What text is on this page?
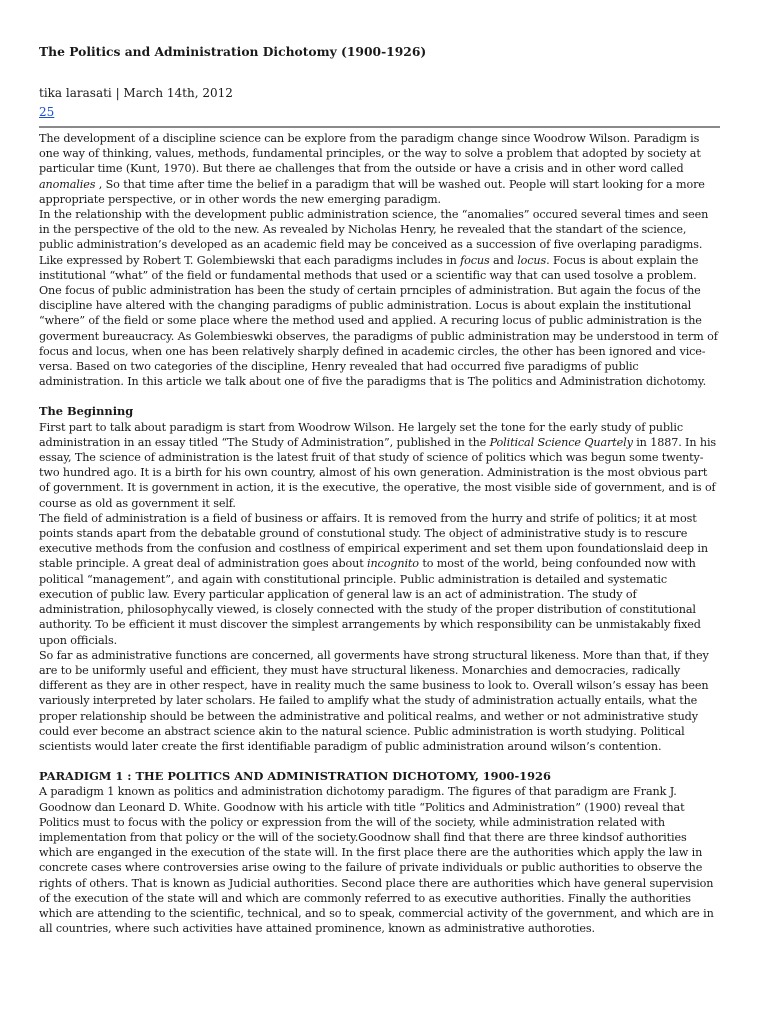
The Politics and Administration Dichotomy (1900-1926)

tika larasati | March 14th, 2012

25

The development of a discipline science can be explore from the paradigm change since Woodrow Wilson. Paradigm is one way of thinking, values, methods, fundamental principles, or the way to solve a problem that adopted by society at particular time (Kunt, 1970). But there ae challenges that from the outside or have a crisis and in other word called anomalies , So that time after time the belief in a paradigm that will be washed out. People will start looking for a more appropriate perspective, or in other words the new emerging paradigm.

In the relationship with the development public administration science, the “anomalies” occured several times and seen in the perspective of the old to the new. As revealed by Nicholas Henry, he revealed that the standart of the science, public administration’s developed as an academic field may be conceived as a succession of five overlaping paradigms. Like expressed by Robert T. Golembiewski that each paradigms includes in focus and locus. Focus is about explain the institutional “what” of the field or fundamental methods that used or a scientific way that can used tosolve a problem. One focus of public administration has been the study of certain prnciples of administration. But again the focus of the discipline have altered with the changing paradigms of public administration. Locus is about explain the institutional “where” of the field or some place where the method used and applied. A recuring locus of public administration is the goverment bureaucracy. As Golembieswki observes, the paradigms of public administration may be understood in term of focus and locus, when one has been relatively sharply defined in academic circles, the other has been ignored and vice-versa. Based on two categories of the discipline, Henry revealed that had occurred five paradigms of public administration. In this article we talk about one of five the paradigms that is The politics and Administration dichotomy.

The Beginning

First part to talk about paradigm is start from Woodrow Wilson. He largely set the tone for the early study of public administration in an essay titled “The Study of Administration”, published in the Political Science Quartely in 1887. In his essay, The science of administration is the latest fruit of that study of science of politics which was begun some twenty-two hundred ago. It is a birth for his own country, almost of his own generation. Administration is the most obvious part of government. It is government in action, it is the executive, the operative, the most visible side of government, and is of course as old as government it self.

The field of administration is a field of business or affairs. It is removed from the hurry and strife of politics; it at most points stands apart from the debatable ground of constutional study. The object of administrative study is to rescure executive methods from the confusion and costlness of empirical experiment and set them upon foundationslaid deep in stable principle. A great deal of administration goes about incognito to most of the world, being confounded now with political “management”, and again with constitutional principle. Public administration is detailed and systematic execution of public law. Every particular application of general law is an act of administration. The study of administration, philosophycally viewed, is closely connected with the study of the proper distribution of constitutional authority. To be efficient it must discover the simplest arrangements by which responsibility can be unmistakably fixed upon officials.

So far as administrative functions are concerned, all goverments have strong structural likeness. More than that, if they are to be uniformly useful and efficient, they must have structural likeness. Monarchies and democracies, radically different as they are in other respect, have in reality much the same business to look to. Overall wilson’s essay has been variously interpreted by later scholars. He failed to amplify what the study of administration actually entails, what the proper relationship should be between the administrative and political realms, and wether or not administrative study could ever become an abstract science akin to the natural science. Public administration is worth studying. Political scientists would later create the first identifiable paradigm of public administration around wilson’s contention.

PARADIGM 1 : THE POLITICS AND ADMINISTRATION DICHOTOMY, 1900-1926

A paradigm 1 known as politics and administration dichotomy paradigm. The figures of that paradigm are Frank J. Goodnow dan Leonard D. White. Goodnow with his article with title “Politics and Administration” (1900) reveal that Politics must to focus with the policy or expression from the will of the society, while administration related with implementation from that policy or the will of the society.Goodnow shall find that there are three kindsof authorities which are enganged in the execution of the state will. In the first place there are the authorities which apply the law in concrete cases where controversies arise owing to the failure of private individuals or public authorities to observe the rights of others. That is known as Judicial authorities. Second place there are authorities which have general supervision of the execution of the state will and which are commonly referred to as executive authorities. Finally the authorities which are attending to the scientific, technical, and so to speak, commercial activity of the government, and which are in all countries, where such activities have attained prominence, known as administrative authoroties.
